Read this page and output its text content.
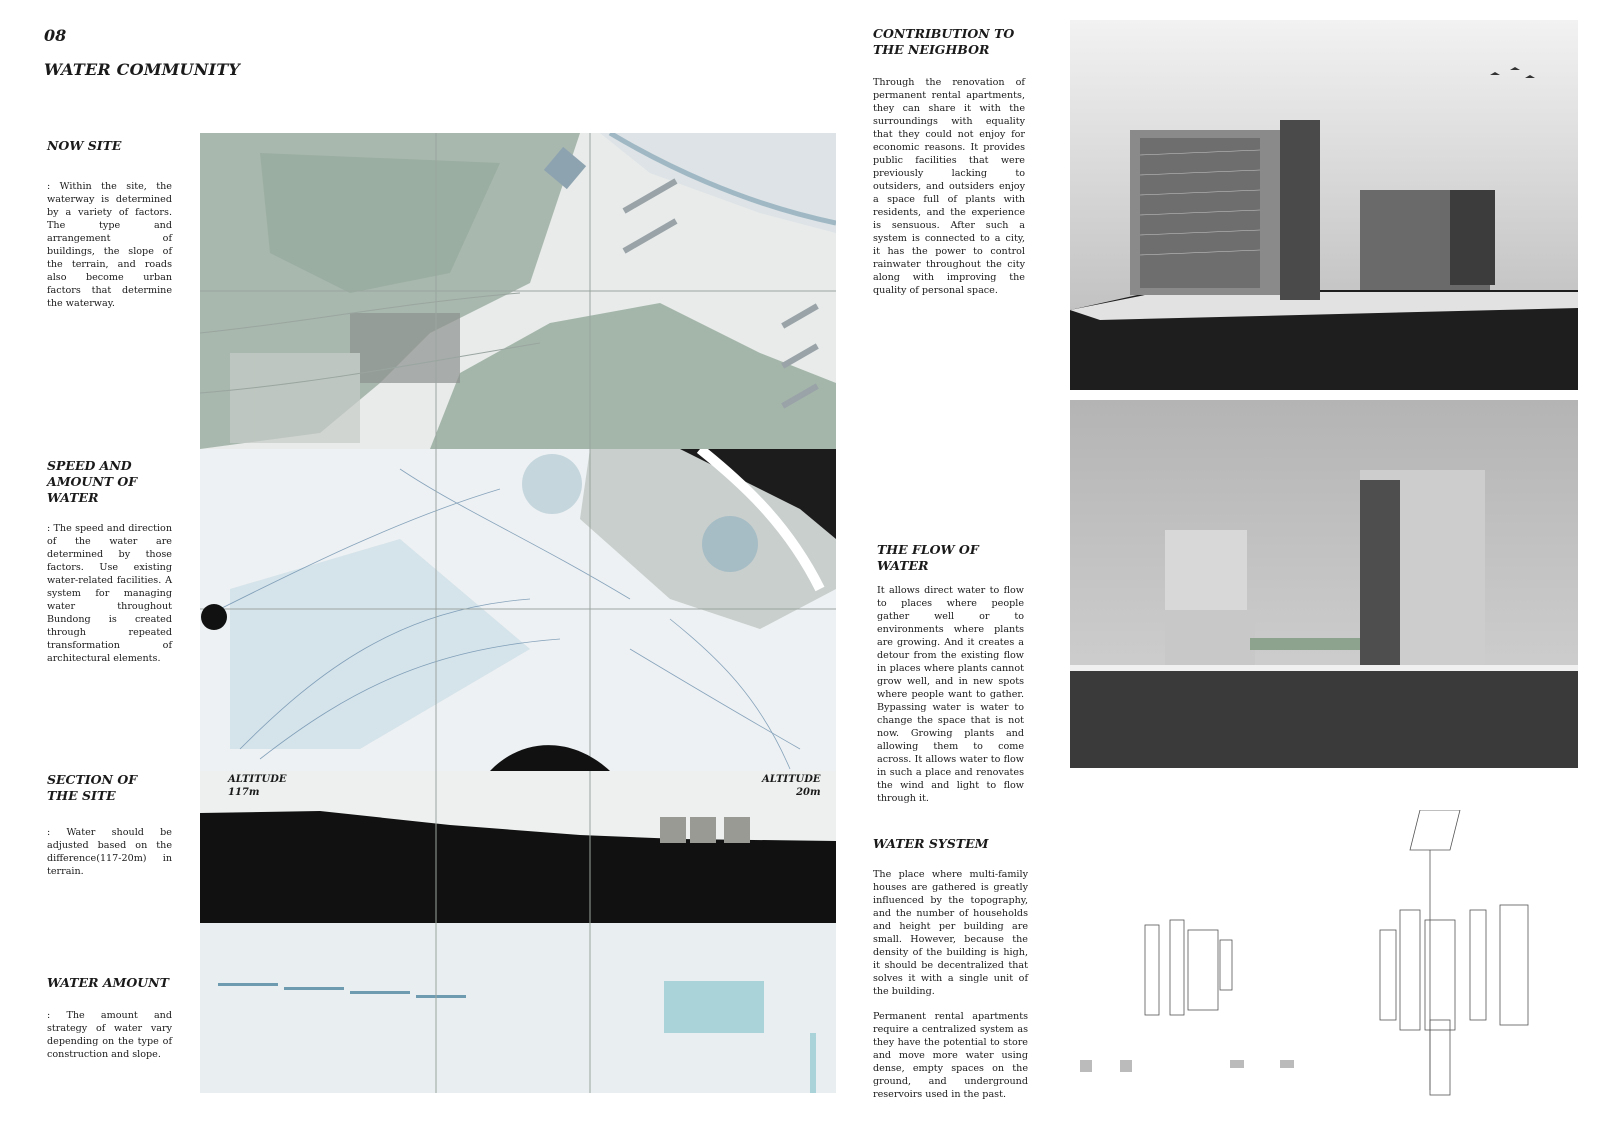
08
WATER COMMUNITY
NOW SITE
: Within the site, the waterway is determined by a variety of factors. The type and arrangement of buildings, the slope of the terrain, and roads also become urban factors that determine the waterway.
SPEED AND AMOUNT OF WATER
: The speed and direction of the water are determined by those factors. Use existing water-related facilities. A system for managing water throughout Bundong is created through repeated transformation of architectural elements.
SECTION OF THE SITE
: Water should be adjusted based on the difference(117-20m) in terrain.
WATER AMOUNT
: The amount and strategy of water vary depending on the type of construction and slope.
ALTITUDE
117m
ALTITUDE
20m
CONTRIBUTION TO THE NEIGHBOR
Through the renovation of permanent rental apartments, they can share it with the surroundings with equality that they could not enjoy for economic reasons. It provides public facilities that were previously lacking to outsiders, and outsiders enjoy a space full of plants with residents, and the experience is sensuous. After such a system is connected to a city, it has the power to control rainwater throughout the city along with improving the quality of personal space.
THE FLOW OF WATER
It allows direct water to flow to places where people gather well or to environments where plants are growing. And it creates a detour from the existing flow in places where plants cannot grow well, and in new spots where people want to gather. Bypassing water is water to change the space that is not now. Growing plants and allowing them to come across. It allows water to flow in such a place and renovates the wind and light to flow through it.
WATER SYSTEM
The place where multi-family houses are gathered is greatly influenced by the topography, and the number of households and height per building are small. However, because the density of the building is high, it should be decentralized that solves it with a single unit of the building.
Permanent rental apartments require a centralized system as they have the potential to store and move more water using dense, empty spaces on the ground, and underground reservoirs used in the past.
